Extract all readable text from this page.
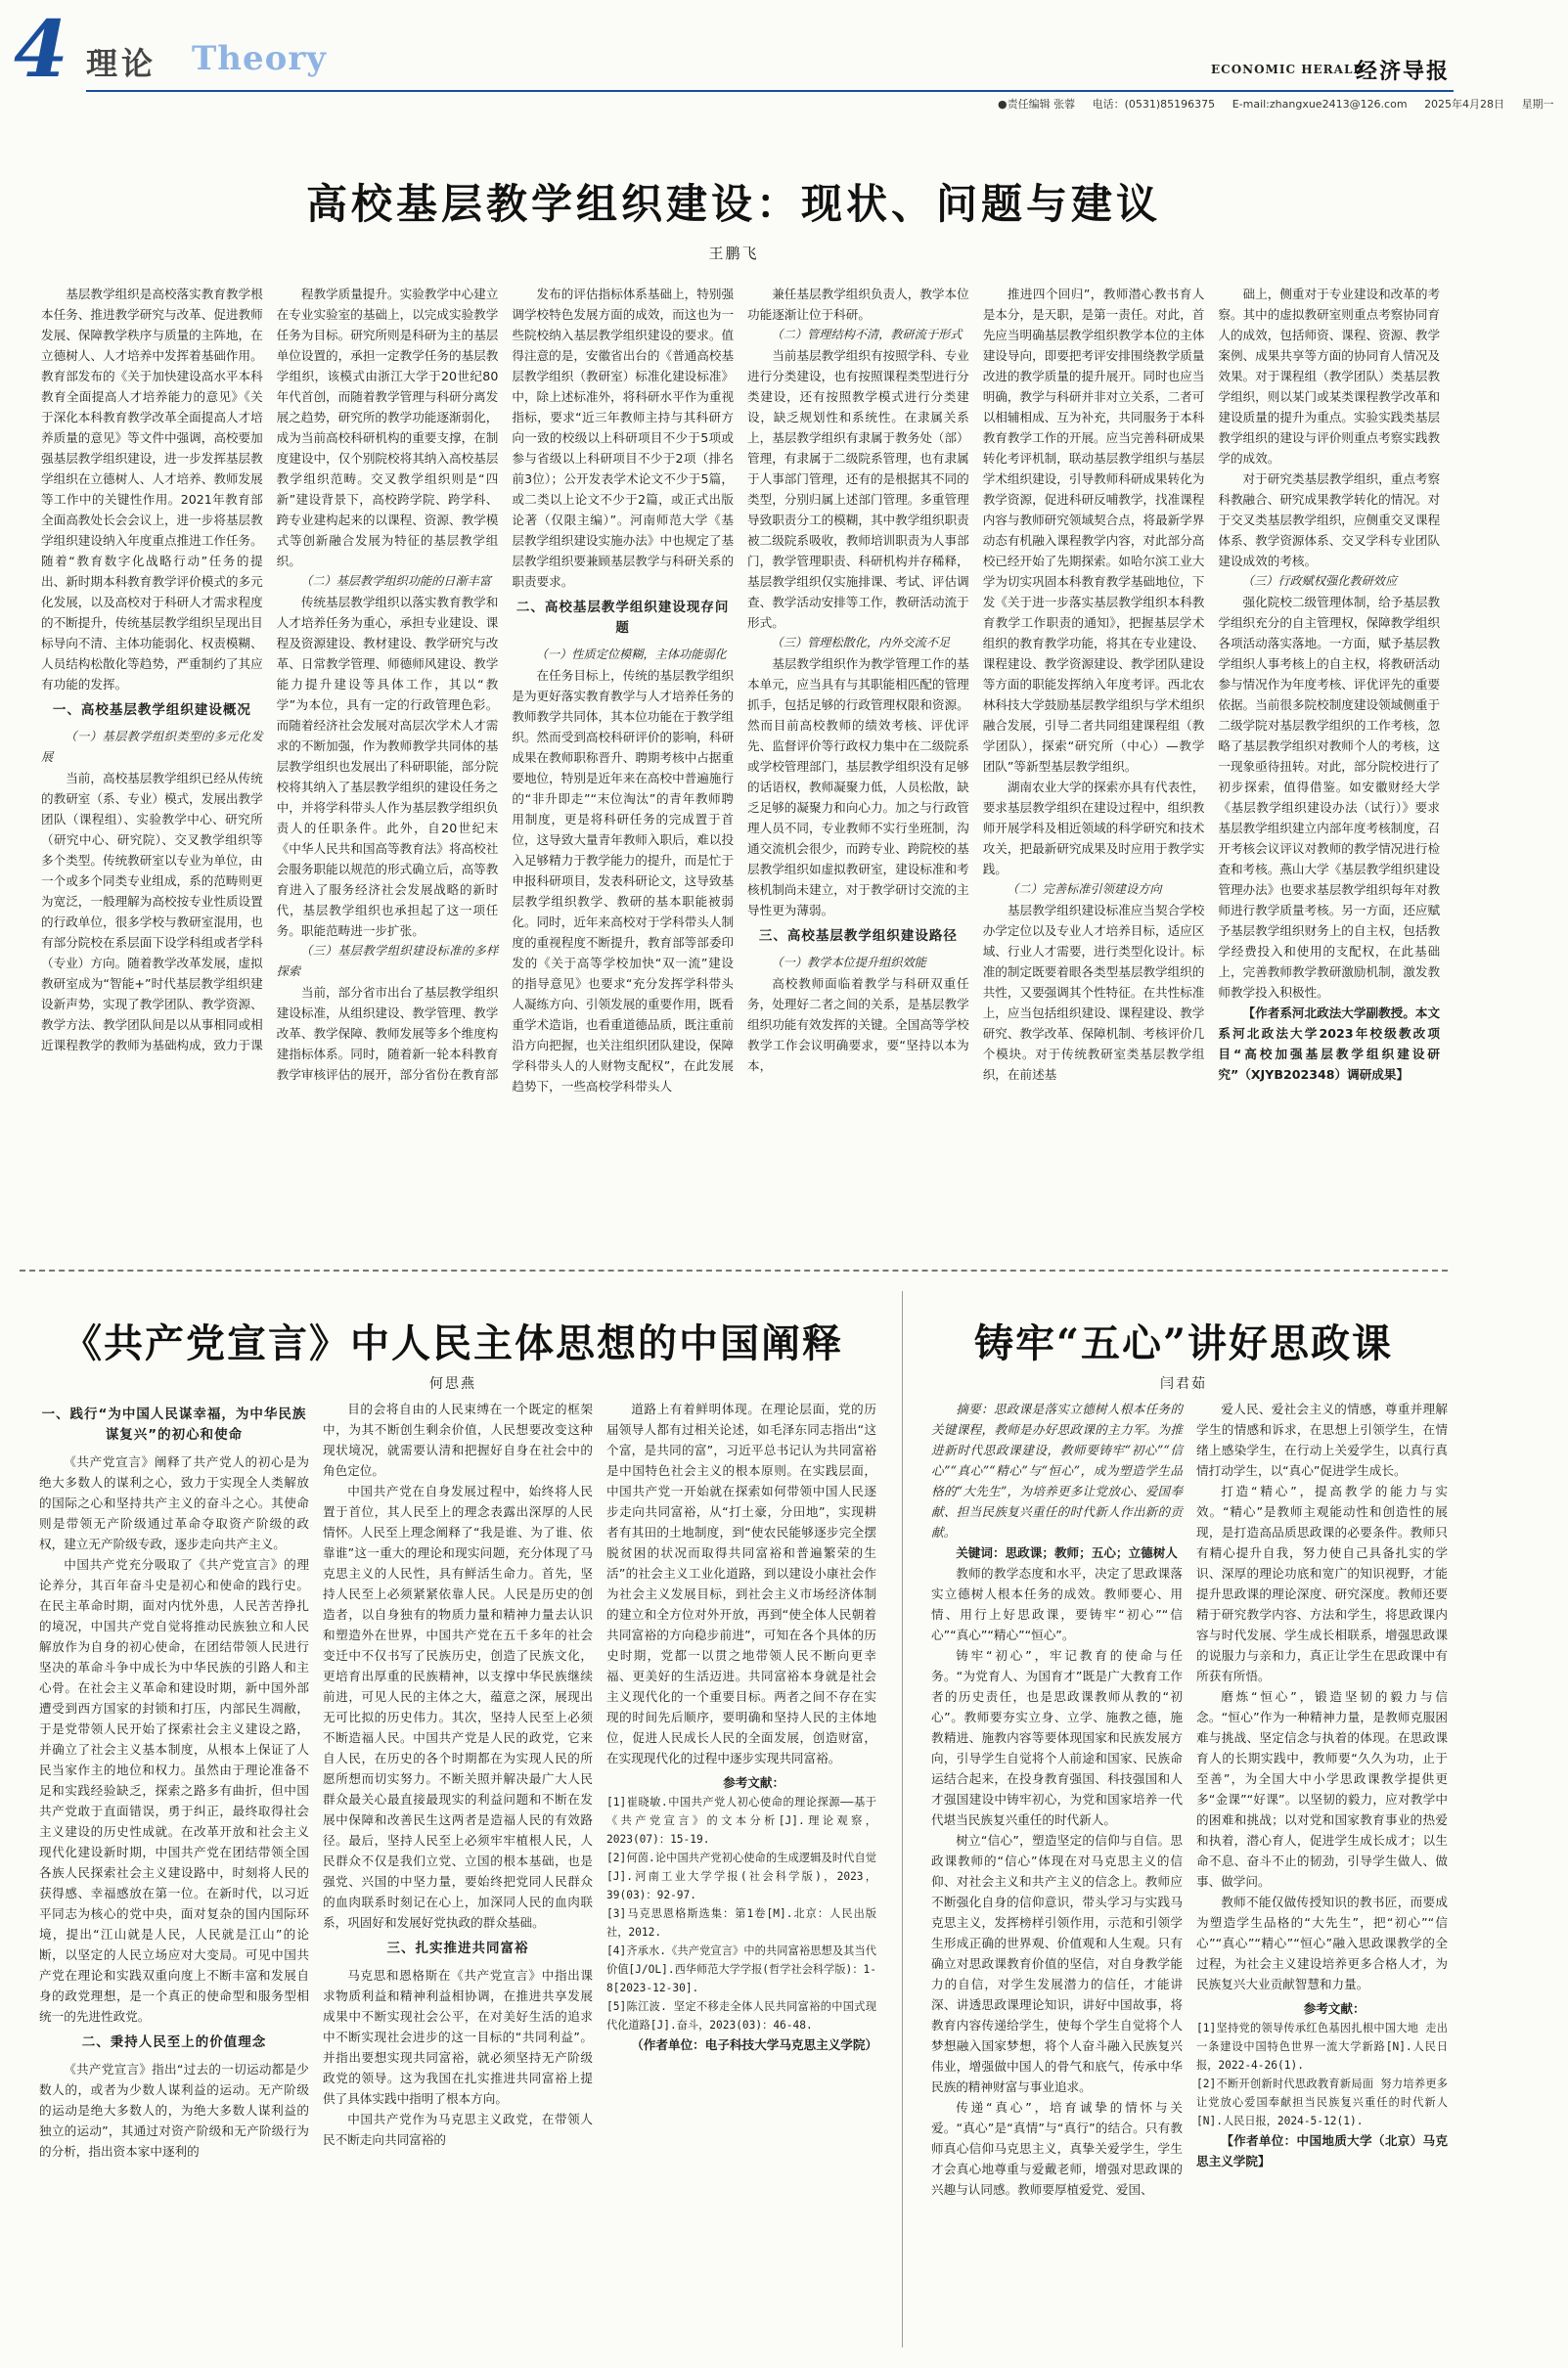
4 理论 Theory	ECONOMIC HERALD
经济导报
●责任编辑 张蓉 电话：(0531)85196375 E-mail:zhangxue2413@126.com 2025年4月28日 星期一
高校基层教学组织建设：现状、问题与建议
王鹏飞

基层教学组织是高校落实教育教学根本任务、推进教学研究与改革、促进教师发展、保障教学秩序与质量的主阵地，在立德树人、人才培养中发挥着基础作用。教育部发布的《关于加快建设高水平本科教育全面提高人才培养能力的意见》《关于深化本科教育教学改革全面提高人才培养质量的意见》等文件中强调，高校要加强基层教学组织建设，进一步发挥基层教学组织在立德树人、人才培养、教师发展等工作中的关键性作用。2021年教育部全面高教处长会会议上，进一步将基层教学组织建设纳入年度重点推进工作任务。随着“教育数字化战略行动”任务的提出、新时期本科教育教学评价模式的多元化发展，以及高校对于科研人才需求程度的不断提升，传统基层教学组织呈现出目标导向不清、主体功能弱化、权责模糊、人员结构松散化等趋势，严重制约了其应有功能的发挥。

一、高校基层教学组织建设概况
（一）基层教学组织类型的多元化发展

当前，高校基层教学组织已经从传统的教研室（系、专业）模式，发展出教学团队（课程组）、实验教学中心、研究所（研究中心、研究院）、交叉教学组织等多个类型。传统教研室以专业为单位，由一个或多个同类专业组成，系的范畴则更为宽泛，一般理解为高校按专业性质设置的行政单位，很多学校与教研室混用，也有部分院校在系层面下设学科组或者学科（专业）方向。随着教学改革发展，虚拟教研室成为“智能+”时代基层教学组织建设新声势，实现了教学团队、教学资源、教学方法、教学团队间是以从事相同或相近课程教学的教师为基础构成，致力于课

程教学质量提升。实验教学中心建立在专业实验室的基础上，以完成实验教学任务为目标。研究所则是科研为主的基层单位设置的，承担一定教学任务的基层教学组织，该模式由浙江大学于20世纪80年代首创，而随着教学管理与科研分离发展之趋势，研究所的教学功能逐渐弱化，成为当前高校科研机构的重要支撑，在制度建设中，仅个别院校将其纳入高校基层教学组织范畴。交叉教学组织则是“四新”建设背景下，高校跨学院、跨学科、跨专业建构起来的以课程、资源、教学模式等创新融合发展为特征的基层教学组织。

（二）基层教学组织功能的日渐丰富

传统基层教学组织以落实教育教学和人才培养任务为重心，承担专业建设、课程及资源建设、教材建设、教学研究与改革、日常教学管理、师德师风建设、教学能力提升建设等具体工作，其以“教学”为本位，具有一定的行政管理色彩。而随着经济社会发展对高层次学术人才需求的不断加强，作为教师教学共同体的基层教学组织也发展出了科研职能，部分院校将其纳入了基层教学组织的建设任务之中，并将学科带头人作为基层教学组织负责人的任职条件。此外，自20世纪末《中华人民共和国高等教育法》将高校社会服务职能以规范的形式确立后，高等教育进入了服务经济社会发展战略的新时代，基层教学组织也承担起了这一项任务。职能范畴进一步扩张。

（三）基层教学组织建设标准的多样探索

当前，部分省市出台了基层教学组织建设标准，从组织建设、教学管理、教学改革、教学保障、教师发展等多个维度构建指标体系。同时，随着新一轮本科教育教学审核评估的展开，部分省份在教育部

发布的评估指标体系基础上，特别强调学校特色发展方面的成效，而这也为一些院校纳入基层教学组织建设的要求。值得注意的是，安徽省出台的《普通高校基层教学组织（教研室）标准化建设标准》中，除上述标准外，将科研水平作为重视指标，要求“近三年教师主持与其科研方向一致的校级以上科研项目不少于5项或参与省级以上科研项目不少于2项（排名前3位）；公开发表学术论文不少于5篇，或二类以上论文不少于2篇，或正式出版论著（仅限主编）”。河南师范大学《基层教学组织建设实施办法》中也规定了基层教学组织要兼顾基层教学与科研关系的职责要求。

二、高校基层教学组织建设现存问题
（一）性质定位模糊，主体功能弱化

在任务目标上，传统的基层教学组织是为更好落实教育教学与人才培养任务的教师教学共同体，其本位功能在于教学组织。然而受到高校科研评价的影响，科研成果在教师职称晋升、聘期考核中占据重要地位，特别是近年来在高校中普遍施行的“非升即走”“末位淘汰”的青年教师聘用制度，更是将科研任务的完成置于首位，这导致大量青年教师入职后，难以投入足够精力于教学能力的提升，而是忙于申报科研项目，发表科研论文，这导致基层教学组织教学、教研的基本职能被弱化。同时，近年来高校对于学科带头人制度的重视程度不断提升，教育部等部委印发的《关于高等学校加快“双一流”建设的指导意见》也要求“充分发挥学科带头人凝练方向、引领发展的重要作用，既看重学术造诣，也看重道德品质，既注重前沿方向把握，也关注组织团队建设，保障学科带头人的人财物支配权”，在此发展趋势下，一些高校学科带头人

兼任基层教学组织负责人，教学本位功能逐渐让位于科研。

（二）管理结构不清，教研流于形式

当前基层教学组织有按照学科、专业进行分类建设，也有按照课程类型进行分类建设，还有按照教学模式进行分类建设，缺乏规划性和系统性。在隶属关系上，基层教学组织有隶属于教务处（部）管理，有隶属于二级院系管理，也有隶属于人事部门管理，还有的是根据其不同的类型，分别归属上述部门管理。多重管理导致职责分工的模糊，其中教学组织职责被二级院系吸收，教师培训职责为人事部门，教学管理职责、科研机构并存稀释，基层教学组织仅实施排课、考试、评估调查、教学活动安排等工作，教研活动流于形式。

（三）管理松散化，内外交流不足

基层教学组织作为教学管理工作的基本单元，应当具有与其职能相匹配的管理抓手，包括足够的行政管理权限和资源。然而目前高校教师的绩效考核、评优评先、监督评价等行政权力集中在二级院系或学校管理部门，基层教学组织没有足够的话语权，教师凝聚力低，人员松散，缺乏足够的凝聚力和向心力。加之与行政管理人员不同，专业教师不实行坐班制，沟通交流机会很少，而跨专业、跨院校的基层教学组织如虚拟教研室，建设标准和考核机制尚未建立，对于教学研讨交流的主导性更为薄弱。

三、高校基层教学组织建设路径
（一）教学本位提升组织效能

高校教师面临着教学与科研双重任务，处理好二者之间的关系，是基层教学组织功能有效发挥的关键。全国高等学校教学工作会议明确要求，要“坚持以本为本，

推进四个回归”，教师潜心教书育人是本分，是天职，是第一责任。对此，首先应当明确基层教学组织教学本位的主体建设导向，即要把考评安排围绕教学质量改进的教学质量的提升展开。同时也应当明确，教学与科研并非对立关系，二者可以相辅相成、互为补充，共同服务于本科教育教学工作的开展。应当完善科研成果转化考评机制，联动基层教学组织与基层学术组织建设，引导教师科研成果转化为教学资源，促进科研反哺教学，找准课程内容与教师研究领域契合点，将最新学界动态有机融入课程教学内容，对此部分高校已经开始了先期探索。如哈尔滨工业大学为切实巩固本科教育教学基础地位，下发《关于进一步落实基层教学组织本科教育教学工作职责的通知》，把握基层学术组织的教育教学功能，将其在专业建设、课程建设、教学资源建设、教学团队建设等方面的职能发挥纳入年度考评。西北农林科技大学鼓励基层教学组织与学术组织融合发展，引导二者共同组建课程组（教学团队），探索“研究所（中心）—教学团队”等新型基层教学组织。

湖南农业大学的探索亦具有代表性，要求基层教学组织在建设过程中，组织教师开展学科及相近领域的科学研究和技术攻关，把最新研究成果及时应用于教学实践。

（二）完善标准引领建设方向

基层教学组织建设标准应当契合学校办学定位以及专业人才培养目标，适应区域、行业人才需要，进行类型化设计。标准的制定既要着眼各类型基层教学组织的共性，又要强调其个性特征。在共性标准上，应当包括组织建设、课程建设、教学研究、教学改革、保障机制、考核评价几个模块。对于传统教研室类基层教学组织，在前述基

础上，侧重对于专业建设和改革的考察。其中的虚拟教研室则重点考察协同育人的成效，包括师资、课程、资源、教学案例、成果共享等方面的协同育人情况及效果。对于课程组（教学团队）类基层教学组织，则以某门或某类课程教学改革和建设质量的提升为重点。实验实践类基层教学组织的建设与评价则重点考察实践教学的成效。

对于研究类基层教学组织，重点考察科教融合、研究成果教学转化的情况。对于交叉类基层教学组织，应侧重交叉课程体系、教学资源体系、交叉学科专业团队建设成效的考核。

（三）行政赋权强化教研效应

强化院校二级管理体制，给予基层教学组织充分的自主管理权，保障教学组织各项活动落实落地。一方面，赋予基层教学组织人事考核上的自主权，将教研活动参与情况作为年度考核、评优评先的重要依据。当前很多院校制度建设领域侧重于二级学院对基层教学组织的工作考核，忽略了基层教学组织对教师个人的考核，这一现象亟待扭转。对此，部分院校进行了初步探索，值得借鉴。如安徽财经大学《基层教学组织建设办法（试行）》要求基层教学组织建立内部年度考核制度，召开考核会议评议对教师的教学情况进行检查和考核。燕山大学《基层教学组织建设管理办法》也要求基层教学组织每年对教师进行教学质量考核。另一方面，还应赋予基层教学组织财务上的自主权，包括教学经费投入和使用的支配权，在此基础上，完善教师教学教研激励机制，激发教师教学投入积极性。

【作者系河北政法大学副教授。本文系河北政法大学2023年校级教改项目“高校加强基层教学组织建设研究”（XJYB202348）调研成果】

《共产党宣言》中人民主体思想的中国阐释
何思燕
一、践行“为中国人民谋幸福，为中华民族谋复兴”的初心和使命

《共产党宣言》阐释了共产党人的初心是为绝大多数人的谋利之心，致力于实现全人类解放的国际之心和坚持共产主义的奋斗之心。其使命则是带领无产阶级通过革命夺取资产阶级的政权，建立无产阶级专政，逐步走向共产主义。

中国共产党充分吸取了《共产党宣言》的理论养分，其百年奋斗史是初心和使命的践行史。在民主革命时期，面对内忧外患，人民苦苦挣扎的境况，中国共产党自觉将推动民族独立和人民解放作为自身的初心使命，在团结带领人民进行坚决的革命斗争中成长为中华民族的引路人和主心骨。在社会主义革命和建设时期，新中国外部遭受到西方国家的封锁和打压，内部民生凋敝，于是党带领人民开始了探索社会主义建设之路，并确立了社会主义基本制度，从根本上保证了人民当家作主的地位和权力。虽然由于理论准备不足和实践经验缺乏，探索之路多有曲折，但中国共产党敢于直面错误，勇于纠正，最终取得社会主义建设的历史性成就。在改革开放和社会主义现代化建设新时期，中国共产党在团结带领全国各族人民探索社会主义建设路中，时刻将人民的获得感、幸福感放在第一位。在新时代，以习近平同志为核心的党中央，面对复杂的国内国际环境，提出“江山就是人民，人民就是江山”的论断，以坚定的人民立场应对大变局。可见中国共产党在理论和实践双重向度上不断丰富和发展自身的政党理想，是一个真正的使命型和服务型相统一的先进性政党。

二、秉持人民至上的价值理念

《共产党宣言》指出“过去的一切运动都是少数人的，或者为少数人谋利益的运动。无产阶级的运动是绝大多数人的，为绝大多数人谋利益的独立的运动”，其通过对资产阶级和无产阶级行为的分析，指出资本家中逐利的

目的会将自由的人民束缚在一个既定的框架中，为其不断创生剩余价值，人民想要改变这种现状境况，就需要认清和把握好自身在社会中的角色定位。

中国共产党在自身发展过程中，始终将人民置于首位，其人民至上的理念表露出深厚的人民情怀。人民至上理念阐释了“我是谁、为了谁、依靠谁”这一重大的理论和现实问题，充分体现了马克思主义的人民性，具有鲜活生命力。首先，坚持人民至上必须紧紧依靠人民。人民是历史的创造者，以自身独有的物质力量和精神力量去认识和塑造外在世界，中国共产党在五千多年的社会变迁中不仅书写了民族历史，创造了民族文化，更培育出厚重的民族精神，以支撑中华民族继续前进，可见人民的主体之大，蕴意之深，展现出无可比拟的历史伟力。其次，坚持人民至上必须不断造福人民。中国共产党是人民的政党，它来自人民，在历史的各个时期都在为实现人民的所愿所想而切实努力。不断关照并解决最广大人民群众最关心最直接最现实的利益问题和不断在发展中保障和改善民生这两者是造福人民的有效路径。最后，坚持人民至上必须牢牢植根人民，人民群众不仅是我们立党、立国的根本基础，也是强党、兴国的中坚力量，要始终把党同人民群众的血肉联系时刻记在心上，加深同人民的血肉联系，巩固好和发展好党执政的群众基础。

三、扎实推进共同富裕

马克思和恩格斯在《共产党宣言》中指出课求物质利益和精神利益相协调，在推进共享发展成果中不断实现社会公平，在对美好生活的追求中不断实现社会进步的这一目标的“共同利益”。并指出要想实现共同富裕，就必须坚持无产阶级政党的领导。这为我国在扎实推进共同富裕上提供了具体实践中指明了根本方向。

中国共产党作为马克思主义政党，在带领人民不断走向共同富裕的

道路上有着鲜明体现。在理论层面，党的历届领导人都有过相关论述，如毛泽东同志指出“这个富，是共同的富”，习近平总书记认为共同富裕是中国特色社会主义的根本原则。在实践层面，中国共产党一开始就在探索如何带领中国人民逐步走向共同富裕，从“打土豪，分田地”，实现耕者有其田的土地制度，到“使农民能够逐步完全摆脱贫困的状况而取得共同富裕和普遍繁荣的生活”的社会主义工业化道路，到以建设小康社会作为社会主义发展目标，到社会主义市场经济体制的建立和全方位对外开放，再到“使全体人民朝着共同富裕的方向稳步前进”，可知在各个具体的历史时期，党都一以贯之地带领人民不断向更幸福、更美好的生活迈进。共同富裕本身就是社会主义现代化的一个重要目标。两者之间不存在实现的时间先后顺序，要明确和坚持人民的主体地位，促进人民成长人民的全面发展，创造财富，在实现现代化的过程中逐步实现共同富裕。

参考文献：

[1]崔晓敏.中国共产党人初心使命的理论探源——基于《共产党宣言》的文本分析[J].理论观察，2023(07)：15-19.

[2]何茵.论中国共产党初心使命的生成逻辑及时代自觉[J].河南工业大学学报(社会科学版)，2023，39(03)：92-97.

[3]马克思恩格斯选集：第1卷[M].北京：人民出版社，2012.

[4]齐承水.《共产党宣言》中的共同富裕思想及其当代价值[J/OL].西华师范大学学报(哲学社会科学版)：1-8[2023-12-30].

[5]陈江波. 坚定不移走全体人民共同富裕的中国式现代化道路[J].奋斗，2023(03)：46-48.

（作者单位：电子科技大学马克思主义学院）

铸牢“五心”讲好思政课
闫君茹

摘要：思政课是落实立德树人根本任务的关键课程，教师是办好思政课的主力军。为推进新时代思政课建设，教师要铸牢“初心”“信心”“真心”“精心”与“恒心”，成为塑造学生品格的“大先生”，为培养更多让党放心、爱国奉献、担当民族复兴重任的时代新人作出新的贡献。

关键词：思政课；教师；五心；立德树人

教师的教学态度和水平，决定了思政课落实立德树人根本任务的成效。教师要心、用情、用行上好思政课，要铸牢“初心”“信心”“真心”“精心”“恒心”。

铸牢“初心”，牢记教育的使命与任务。“为党育人、为国育才”既是广大教育工作者的历史责任，也是思政课教师从教的“初心”。教师要夯实立身、立学、施教之德，施教精进、施教内容等要体现国家和民族发展方向，引导学生自觉将个人前途和国家、民族命运结合起来，在投身教育强国、科技强国和人才强国建设中铸牢初心，为党和国家培养一代代堪当民族复兴重任的时代新人。

树立“信心”，塑造坚定的信仰与自信。思政课教师的“信心”体现在对马克思主义的信仰、对社会主义和共产主义的信念上。教师应不断强化自身的信仰意识，带头学习与实践马克思主义，发挥榜样引领作用，示范和引领学生形成正确的世界观、价值观和人生观。只有确立对思政课教育价值的坚信，对自身教学能力的自信，对学生发展潜力的信任，才能讲深、讲透思政课理论知识，讲好中国故事，将教育内容传递给学生，使每个学生自觉将个人梦想融入国家梦想，将个人奋斗融入民族复兴伟业，增强做中国人的骨气和底气，传承中华民族的精神财富与事业追求。

传递“真心”，培育诚挚的情怀与关爱。“真心”是“真情”与“真行”的结合。只有教师真心信仰马克思主义，真挚关爱学生，学生才会真心地尊重与爱戴老师，增强对思政课的兴趣与认同感。教师要厚植爱党、爱国、

爱人民、爱社会主义的情感，尊重并理解学生的情感和诉求，在思想上引领学生，在情绪上感染学生，在行动上关爱学生，以真行真情打动学生，以“真心”促进学生成长。

打造“精心”，提高教学的能力与实效。“精心”是教师主观能动性和创造性的展现，是打造高品质思政课的必要条件。教师只有精心提升自我，努力使自己具备扎实的学识、深厚的理论功底和宽广的知识视野，才能提升思政课的理论深度、研究深度。教师还要精于研究教学内容、方法和学生，将思政课内容与时代发展、学生成长相联系，增强思政课的说服力与亲和力，真正让学生在思政课中有所获有所悟。

磨炼“恒心”，锻造坚韧的毅力与信念。“恒心”作为一种精神力量，是教师克服困难与挑战、坚定信念与执着的体现。在思政课育人的长期实践中，教师要“久久为功，止于至善”，为全国大中小学思政课教学提供更多“金课”“好课”。以坚韧的毅力，应对教学中的困难和挑战；以对党和国家教育事业的热爱和执着，潜心育人，促进学生成长成才；以生命不息、奋斗不止的韧劲，引导学生做人、做事、做学问。

教师不能仅做传授知识的教书匠，而要成为塑造学生品格的“大先生”，把“初心”“信心”“真心”“精心”“恒心”融入思政课教学的全过程，为社会主义建设培养更多合格人才，为民族复兴大业贡献智慧和力量。

参考文献：

[1]坚持党的领导传承红色基因扎根中国大地 走出一条建设中国特色世界一流大学新路[N].人民日报，2022-4-26(1).

[2]不断开创新时代思政教育新局面 努力培养更多让党放心爱国奉献担当民族复兴重任的时代新人[N].人民日报，2024-5-12(1).

【作者单位：中国地质大学（北京）马克思主义学院】
